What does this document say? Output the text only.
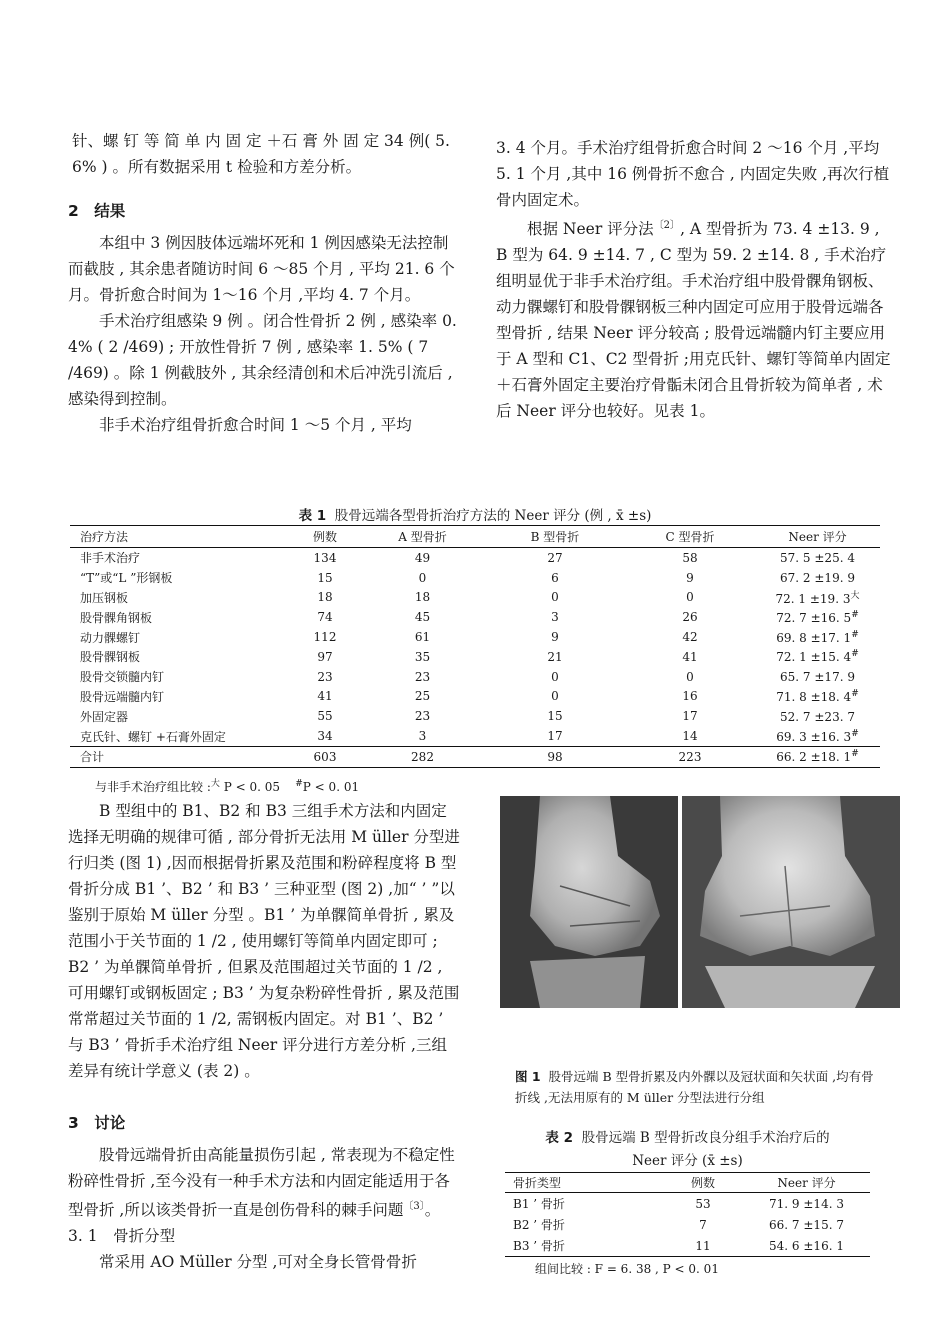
针、螺 钉 等 简 单 内 固 定 ＋石 膏 外 固 定 34 例( 5. 6% ) 。所有数据采用 t 检验和方差分析。

2　结果

本组中 3 例因肢体远端坏死和 1 例因感染无法控制而截肢 , 其余患者随访时间 6 ～85 个月 , 平均 21. 6 个月。骨折愈合时间为 1～16 个月 ,平均 4. 7 个月。

手术治疗组感染 9 例 。闭合性骨折 2 例 , 感染率 0. 4% ( 2 /469) ; 开放性骨折 7 例 , 感染率 1. 5% ( 7 /469) 。除 1 例截肢外 , 其余经清创和术后冲洗引流后 ,感染得到控制。

非手术治疗组骨折愈合时间 1 ～5 个月 , 平均

3. 4 个月。手术治疗组骨折愈合时间 2 ～16 个月 ,平均 5. 1 个月 ,其中 16 例骨折不愈合 , 内固定失败 ,再次行植骨内固定术。

根据 Neer 评分法$^{〔2〕}$, A 型骨折为 73. 4 ±13. 9 , B 型为 64. 9 ±14. 7 , C 型为 59. 2 ±14. 8 , 手术治疗组明显优于非手术治疗组。手术治疗组中股骨髁角钢板、动力髁螺钉和股骨髁钢板三种内固定可应用于股骨远端各型骨折 , 结果 Neer 评分较高 ; 股骨远端髓内钉主要应用于 A 型和 C1、C2 型骨折 ;用克氏针、螺钉等简单内固定 ＋石膏外固定主要治疗骨骺未闭合且骨折较为简单者 , 术后 Neer 评分也较好。见表 1。

表 1 股骨远端各型骨折治疗方法的 Neer 评分 (例 , x̄ ±s)
治疗方法	例数	A 型骨折	B 型骨折	C 型骨折	Neer 评分
非手术治疗	134	49	27	58	57. 5 ±25. 4
“T”或“L ”形钢板	15	0	6	9	67. 2 ±19. 9
加压钢板	18	18	0	0	72. 1 ±19. $3^大$
股骨髁角钢板	74	45	3	26	72. 7 ±16. 5#
动力髁螺钉	112	61	9	42	69. 8 ±17. 1#
股骨髁钢板	97	35	21	41	72. 1 ±15. 4#
股骨交锁髓内钉	23	23	0	0	65. 7 ±17. 9
股骨远端髓内钉	41	25	0	16	71. 8 ±18. 4#
外固定器	55	23	15	17	52. 7 ±23. 7
克氏针、螺钉 +石膏外固定	34	3	17	14	69. 3 ±16. 3#
合计	603	282	98	223	66. 2 ±18. 1#
与非手术治疗组比较 :$^大$ P < 0. 05    #P < 0. 01

B 型组中的 B1、B2 和 B3 三组手术方法和内固定选择无明确的规律可循 , 部分骨折无法用 M üller 分型进行归类 (图 1) ,因而根据骨折累及范围和粉碎程度将 B 型骨折分成 B1 ’、B2 ’ 和 B3 ’ 三种亚型 (图 2) ,加“ ’ ”以鉴别于原始 M üller 分型 。B1 ’ 为单髁简单骨折 , 累及范围小于关节面的 1 /2 , 使用螺钉等简单内固定即可 ; B2 ’ 为单髁简单骨折 , 但累及范围超过关节面的 1 /2 , 可用螺钉或钢板固定 ; B3 ’ 为复杂粉碎性骨折 , 累及范围常常超过关节面的 1 /2, 需钢板内固定。对 B1 ’、B2 ’ 与 B3 ’ 骨折手术治疗组 Neer 评分进行方差分析 ,三组差异有统计学意义 (表 2) 。

3　讨论

股骨远端骨折由高能量损伤引起 , 常表现为不稳定性粉碎性骨折 ,至今没有一种手术方法和内固定能适用于各型骨折 ,所以该类骨折一直是创伤骨科的棘手问题$^{〔3〕}$。

3. 1　骨折分型

常采用 AO Müller 分型 ,可对全身长管骨骨折

图 1 股骨远端 B 型骨折累及内外髁以及冠状面和矢状面 ,均有骨折线 ,无法用原有的 M üller 分型法进行分组
表 2 股骨远端 B 型骨折改良分组手术治疗后的
Neer 评分 (x̄ ±s)
骨折类型	例数	Neer 评分
B1 ’ 骨折	53	71. 9 ±14. 3
B2 ’ 骨折	7	66. 7 ±15. 7
B3 ’ 骨折	11	54. 6 ±16. 1
组间比较 : F = 6. 38 , P < 0. 01
